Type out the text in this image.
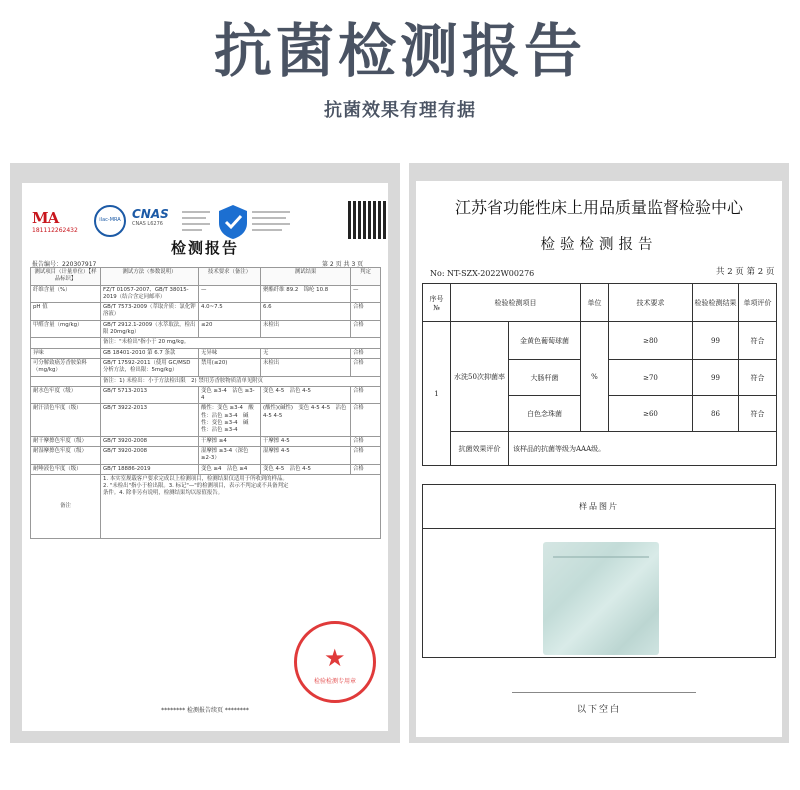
抗菌检测报告
抗菌效果有理有据
MA
181112262432
ilac-MRA CNAS
CNAS L6276
检测报告
报告编号：220307917	第 2 页 共 3 页
测试项目（计量单位）【样品标识】	测试方法（参数说明）	技术要求（备注）	测试结果	判定
纤维含量（%）	FZ/T 01057-2007、GB/T 38015-2019（结合含定同邮率）	—	聚酯纤维 89.2　锦纶 10.8	—
pH 值	GB/T 7573-2009（萃取介质：氯化钾溶液）	4.0~7.5	6.6	合格
甲醛含量（mg/kg）	GB/T 2912.1-2009（水萃取法，检出限 20mg/kg）	≤20	未检出	合格
	备注："未检出"指小于 20 mg/kg。			
异味	GB 18401-2010 第 6.7 条款	无异味	无	合格
可分解致癌芳香胺染料（mg/kg）	GB/T 17592-2011（使用 GC/MSD 分析方法，检出限：5mg/kg）	禁用(≤20)	未检出	合格
	备注：1) 未检出：小于方法检出限　2) 禁用芳香胺物质清单见附页			
耐水色牢度（级）	GB/T 5713-2013	变色 ≥3-4　沾色 ≥3-4	变色 4-5　沾色 4-5	合格
耐汗渍色牢度（级）	GB/T 3922-2013	酸性：变色 ≥3-4　酸性：沾色 ≥3-4　碱性：变色 ≥3-4　碱性：沾色 ≥3-4	(酸性)(碱性)　变色 4-5 4-5　沾色 4-5 4-5	合格
耐干摩擦色牢度（级）	GB/T 3920-2008	干摩擦 ≥4	干摩擦 4-5	合格
耐湿摩擦色牢度（级）	GB/T 3920-2008	湿摩擦 ≥3-4（深色≥2-3）	湿摩擦 4-5	合格
耐唾液色牢度（级）	GB/T 18886-2019	变色 ≥4　沾色 ≥4	变色 4-5　沾色 4-5	合格
备注	1. 本实室规载客户要求完成以上检测项目，检测结果仅适用于所收到的样品。2. "未检出"指小于检出限。3. 标记"—"的检测项目，表示不判定或不具备判定条件。4. 除非另有说明，检测结果均以原值报告。			
★
检验检测专用章
******** 检测报告续页 ********
江苏省功能性床上用品质量监督检验中心
检验检测报告
No: NT-SZX-2022W00276	共 2 页 第 2 页
序号
№	检验检测项目		单位	技术要求	检验检测结果	单项评价
1	水洗50次抑菌率	金黄色葡萄球菌	%	≥80	99	符合
		大肠杆菌		≥70	99	符合
		白色念珠菌		≥60	86	符合
	抗菌效果评价	该样品的抗菌等级为AAA级。				
样品图片
以下空白
